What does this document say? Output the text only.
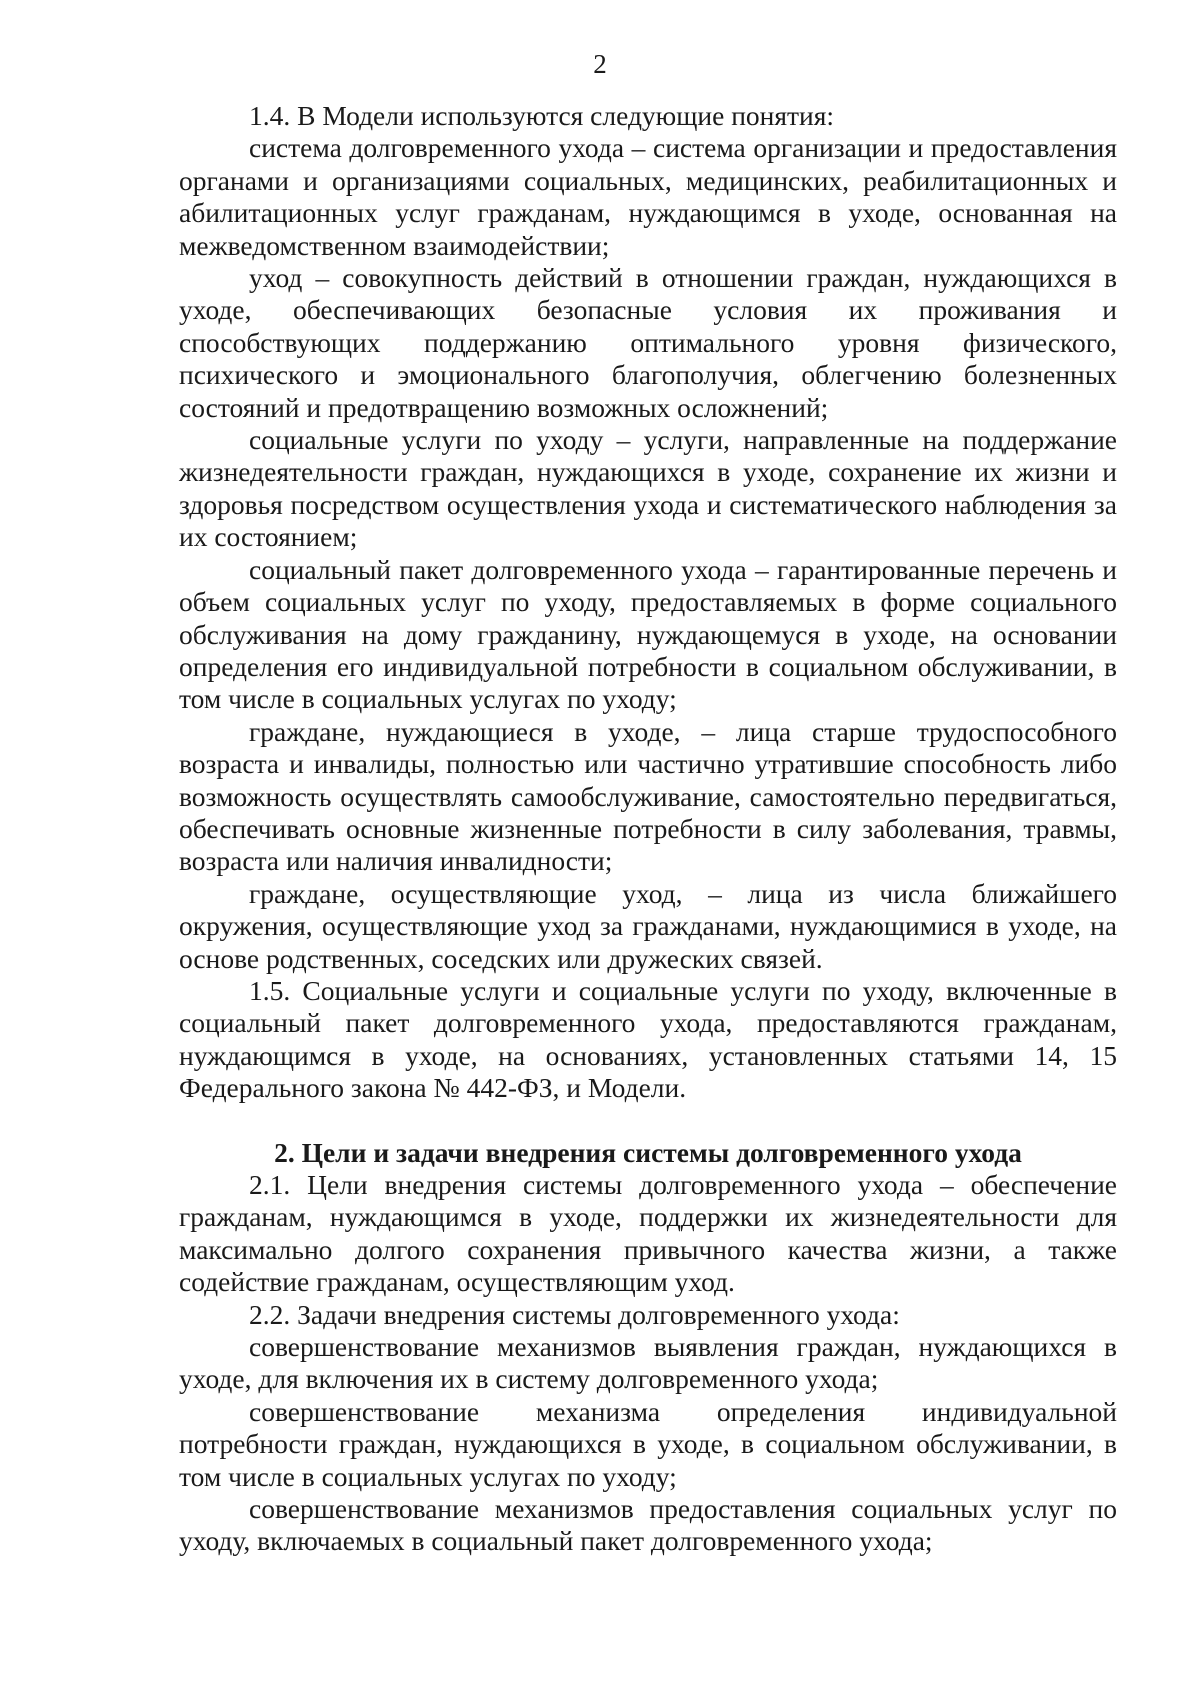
2

1.4. В Модели используются следующие понятия:

система долговременного ухода – система организации и предоставления органами и организациями социальных, медицинских, реабилитационных и абилитационных услуг гражданам, нуждающимся в уходе, основанная на межведомственном взаимодействии;

уход – совокупность действий в отношении граждан, нуждающихся в уходе, обеспечивающих безопасные условия их проживания и способствующих поддержанию оптимального уровня физического, психического и эмоционального благополучия, облегчению болезненных состояний и предотвращению возможных осложнений;

социальные услуги по уходу – услуги, направленные на поддержание жизнедеятельности граждан, нуждающихся в уходе, сохранение их жизни и здоровья посредством осуществления ухода и систематического наблюдения за их состоянием;

социальный пакет долговременного ухода – гарантированные перечень и объем социальных услуг по уходу, предоставляемых в форме социального обслуживания на дому гражданину, нуждающемуся в уходе, на основании определения его индивидуальной потребности в социальном обслуживании, в том числе в социальных услугах по уходу;

граждане, нуждающиеся в уходе, – лица старше трудоспособного возраста и инвалиды, полностью или частично утратившие способность либо возможность осуществлять самообслуживание, самостоятельно передвигаться, обеспечивать основные жизненные потребности в силу заболевания, травмы, возраста или наличия инвалидности;

граждане, осуществляющие уход, – лица из числа ближайшего окружения, осуществляющие уход за гражданами, нуждающимися в уходе, на основе родственных, соседских или дружеских связей.

1.5. Социальные услуги и социальные услуги по уходу, включенные в социальный пакет долговременного ухода, предоставляются гражданам, нуждающимся в уходе, на основаниях, установленных статьями 14, 15 Федерального закона № 442-ФЗ, и Модели.

2. Цели и задачи внедрения системы долговременного ухода

2.1. Цели внедрения системы долговременного ухода – обеспечение гражданам, нуждающимся в уходе, поддержки их жизнедеятельности для максимально долгого сохранения привычного качества жизни, а также содействие гражданам, осуществляющим уход.

2.2. Задачи внедрения системы долговременного ухода:

совершенствование механизмов выявления граждан, нуждающихся в уходе, для включения их в систему долговременного ухода;

совершенствование механизма определения индивидуальной потребности граждан, нуждающихся в уходе, в социальном обслуживании, в том числе в социальных услугах по уходу;

совершенствование механизмов предоставления социальных услуг по уходу, включаемых в социальный пакет долговременного ухода;
